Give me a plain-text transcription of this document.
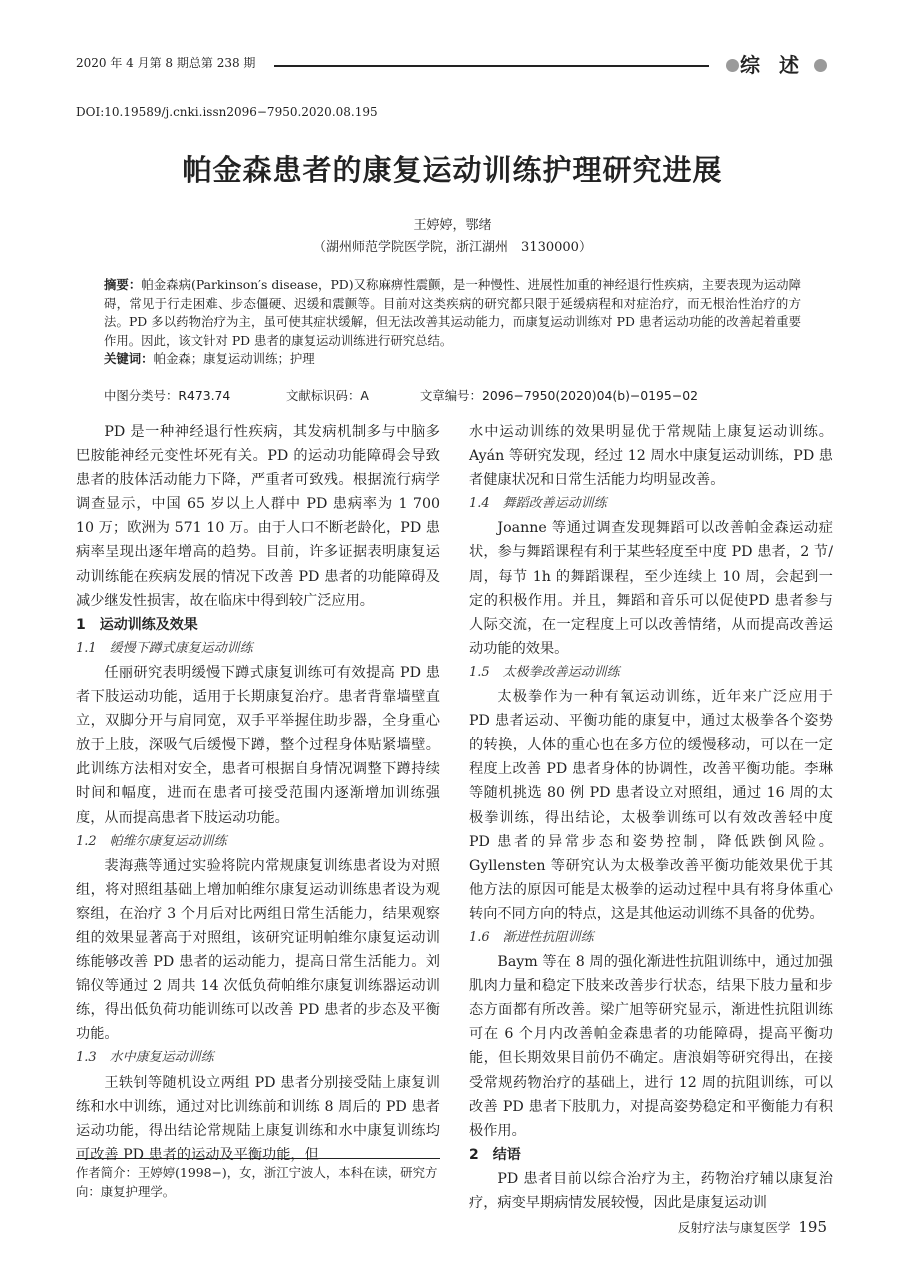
2020 年 4 月第 8 期总第 238 期	综 述
DOI:10.19589/j.cnki.issn2096−7950.2020.08.195
帕金森患者的康复运动训练护理研究进展
王婷婷，鄂绪
（湖州师范学院医学院，浙江湖州　3130000）

摘要：帕金森病(Parkinson′s disease，PD)又称麻痹性震颤，是一种慢性、进展性加重的神经退行性疾病，主要表现为运动障碍，常见于行走困难、步态僵硬、迟缓和震颤等。目前对这类疾病的研究都只限于延缓病程和对症治疗，而无根治性治疗的方法。PD 多以药物治疗为主，虽可使其症状缓解，但无法改善其运动能力，而康复运动训练对 PD 患者运动功能的改善起着重要作用。因此，该文针对 PD 患者的康复运动训练进行研究总结。

关键词：帕金森；康复运动训练；护理

中图分类号：R473.74	文献标识码：A	文章编号：2096−7950(2020)04(b)−0195−02

PD 是一种神经退行性疾病，其发病机制多与中脑多巴胺能神经元变性坏死有关。PD 的运动功能障碍会导致患者的肢体活动能力下降，严重者可致残。根据流行病学调查显示，中国 65 岁以上人群中 PD 患病率为 1 700 10 万；欧洲为 571 10 万。由于人口不断老龄化，PD 患病率呈现出逐年增高的趋势。目前，许多证据表明康复运动训练能在疾病发展的情况下改善 PD 患者的功能障碍及减少继发性损害，故在临床中得到较广泛应用。

1　运动训练及效果

1.1　缓慢下蹲式康复运动训练

任丽研究表明缓慢下蹲式康复训练可有效提高 PD 患者下肢运动功能，适用于长期康复治疗。患者背靠墙壁直立，双脚分开与肩同宽，双手平举握住助步器，全身重心放于上肢，深吸气后缓慢下蹲，整个过程身体贴紧墙壁。此训练方法相对安全，患者可根据自身情况调整下蹲持续时间和幅度，进而在患者可接受范围内逐渐增加训练强度，从而提高患者下肢运动功能。

1.2　帕维尔康复运动训练

裴海燕等通过实验将院内常规康复训练患者设为对照组，将对照组基础上增加帕维尔康复运动训练患者设为观察组，在治疗 3 个月后对比两组日常生活能力，结果观察组的效果显著高于对照组，该研究证明帕维尔康复运动训练能够改善 PD 患者的运动能力，提高日常生活能力。刘锦仪等通过 2 周共 14 次低负荷帕维尔康复训练器运动训练，得出低负荷功能训练可以改善 PD 患者的步态及平衡功能。

1.3　水中康复运动训练

王轶钊等随机设立两组 PD 患者分别接受陆上康复训练和水中训练，通过对比训练前和训练 8 周后的 PD 患者运动功能，得出结论常规陆上康复训练和水中康复训练均可改善 PD 患者的运动及平衡功能，但

作者简介：王婷婷(1998−)，女，浙江宁波人，本科在读，研究方向：康复护理学。

水中运动训练的效果明显优于常规陆上康复运动训练。Ayán 等研究发现，经过 12 周水中康复运动训练，PD 患者健康状况和日常生活能力均明显改善。

1.4　舞蹈改善运动训练

Joanne 等通过调查发现舞蹈可以改善帕金森运动症状，参与舞蹈课程有利于某些轻度至中度 PD 患者，2 节/周，每节 1h 的舞蹈课程，至少连续上 10 周，会起到一定的积极作用。并且，舞蹈和音乐可以促使PD 患者参与人际交流，在一定程度上可以改善情绪，从而提高改善运动功能的效果。

1.5　太极拳改善运动训练

太极拳作为一种有氧运动训练，近年来广泛应用于 PD 患者运动、平衡功能的康复中，通过太极拳各个姿势的转换，人体的重心也在多方位的缓慢移动，可以在一定程度上改善 PD 患者身体的协调性，改善平衡功能。李琳等随机挑选 80 例 PD 患者设立对照组，通过 16 周的太极拳训练，得出结论，太极拳训练可以有效改善轻中度 PD 患者的异常步态和姿势控制，降低跌倒风险。Gyllensten 等研究认为太极拳改善平衡功能效果优于其他方法的原因可能是太极拳的运动过程中具有将身体重心转向不同方向的特点，这是其他运动训练不具备的优势。

1.6　渐进性抗阻训练

Baym 等在 8 周的强化渐进性抗阻训练中，通过加强肌肉力量和稳定下肢来改善步行状态，结果下肢力量和步态方面都有所改善。梁广旭等研究显示，渐进性抗阻训练可在 6 个月内改善帕金森患者的功能障碍，提高平衡功能，但长期效果目前仍不确定。唐浪娟等研究得出，在接受常规药物治疗的基础上，进行 12 周的抗阻训练，可以改善 PD 患者下肢肌力，对提高姿势稳定和平衡能力有积极作用。

2　结语

PD 患者目前以综合治疗为主，药物治疗辅以康复治疗，病变早期病情发展较慢，因此是康复运动训

反射疗法与康复医学 195
